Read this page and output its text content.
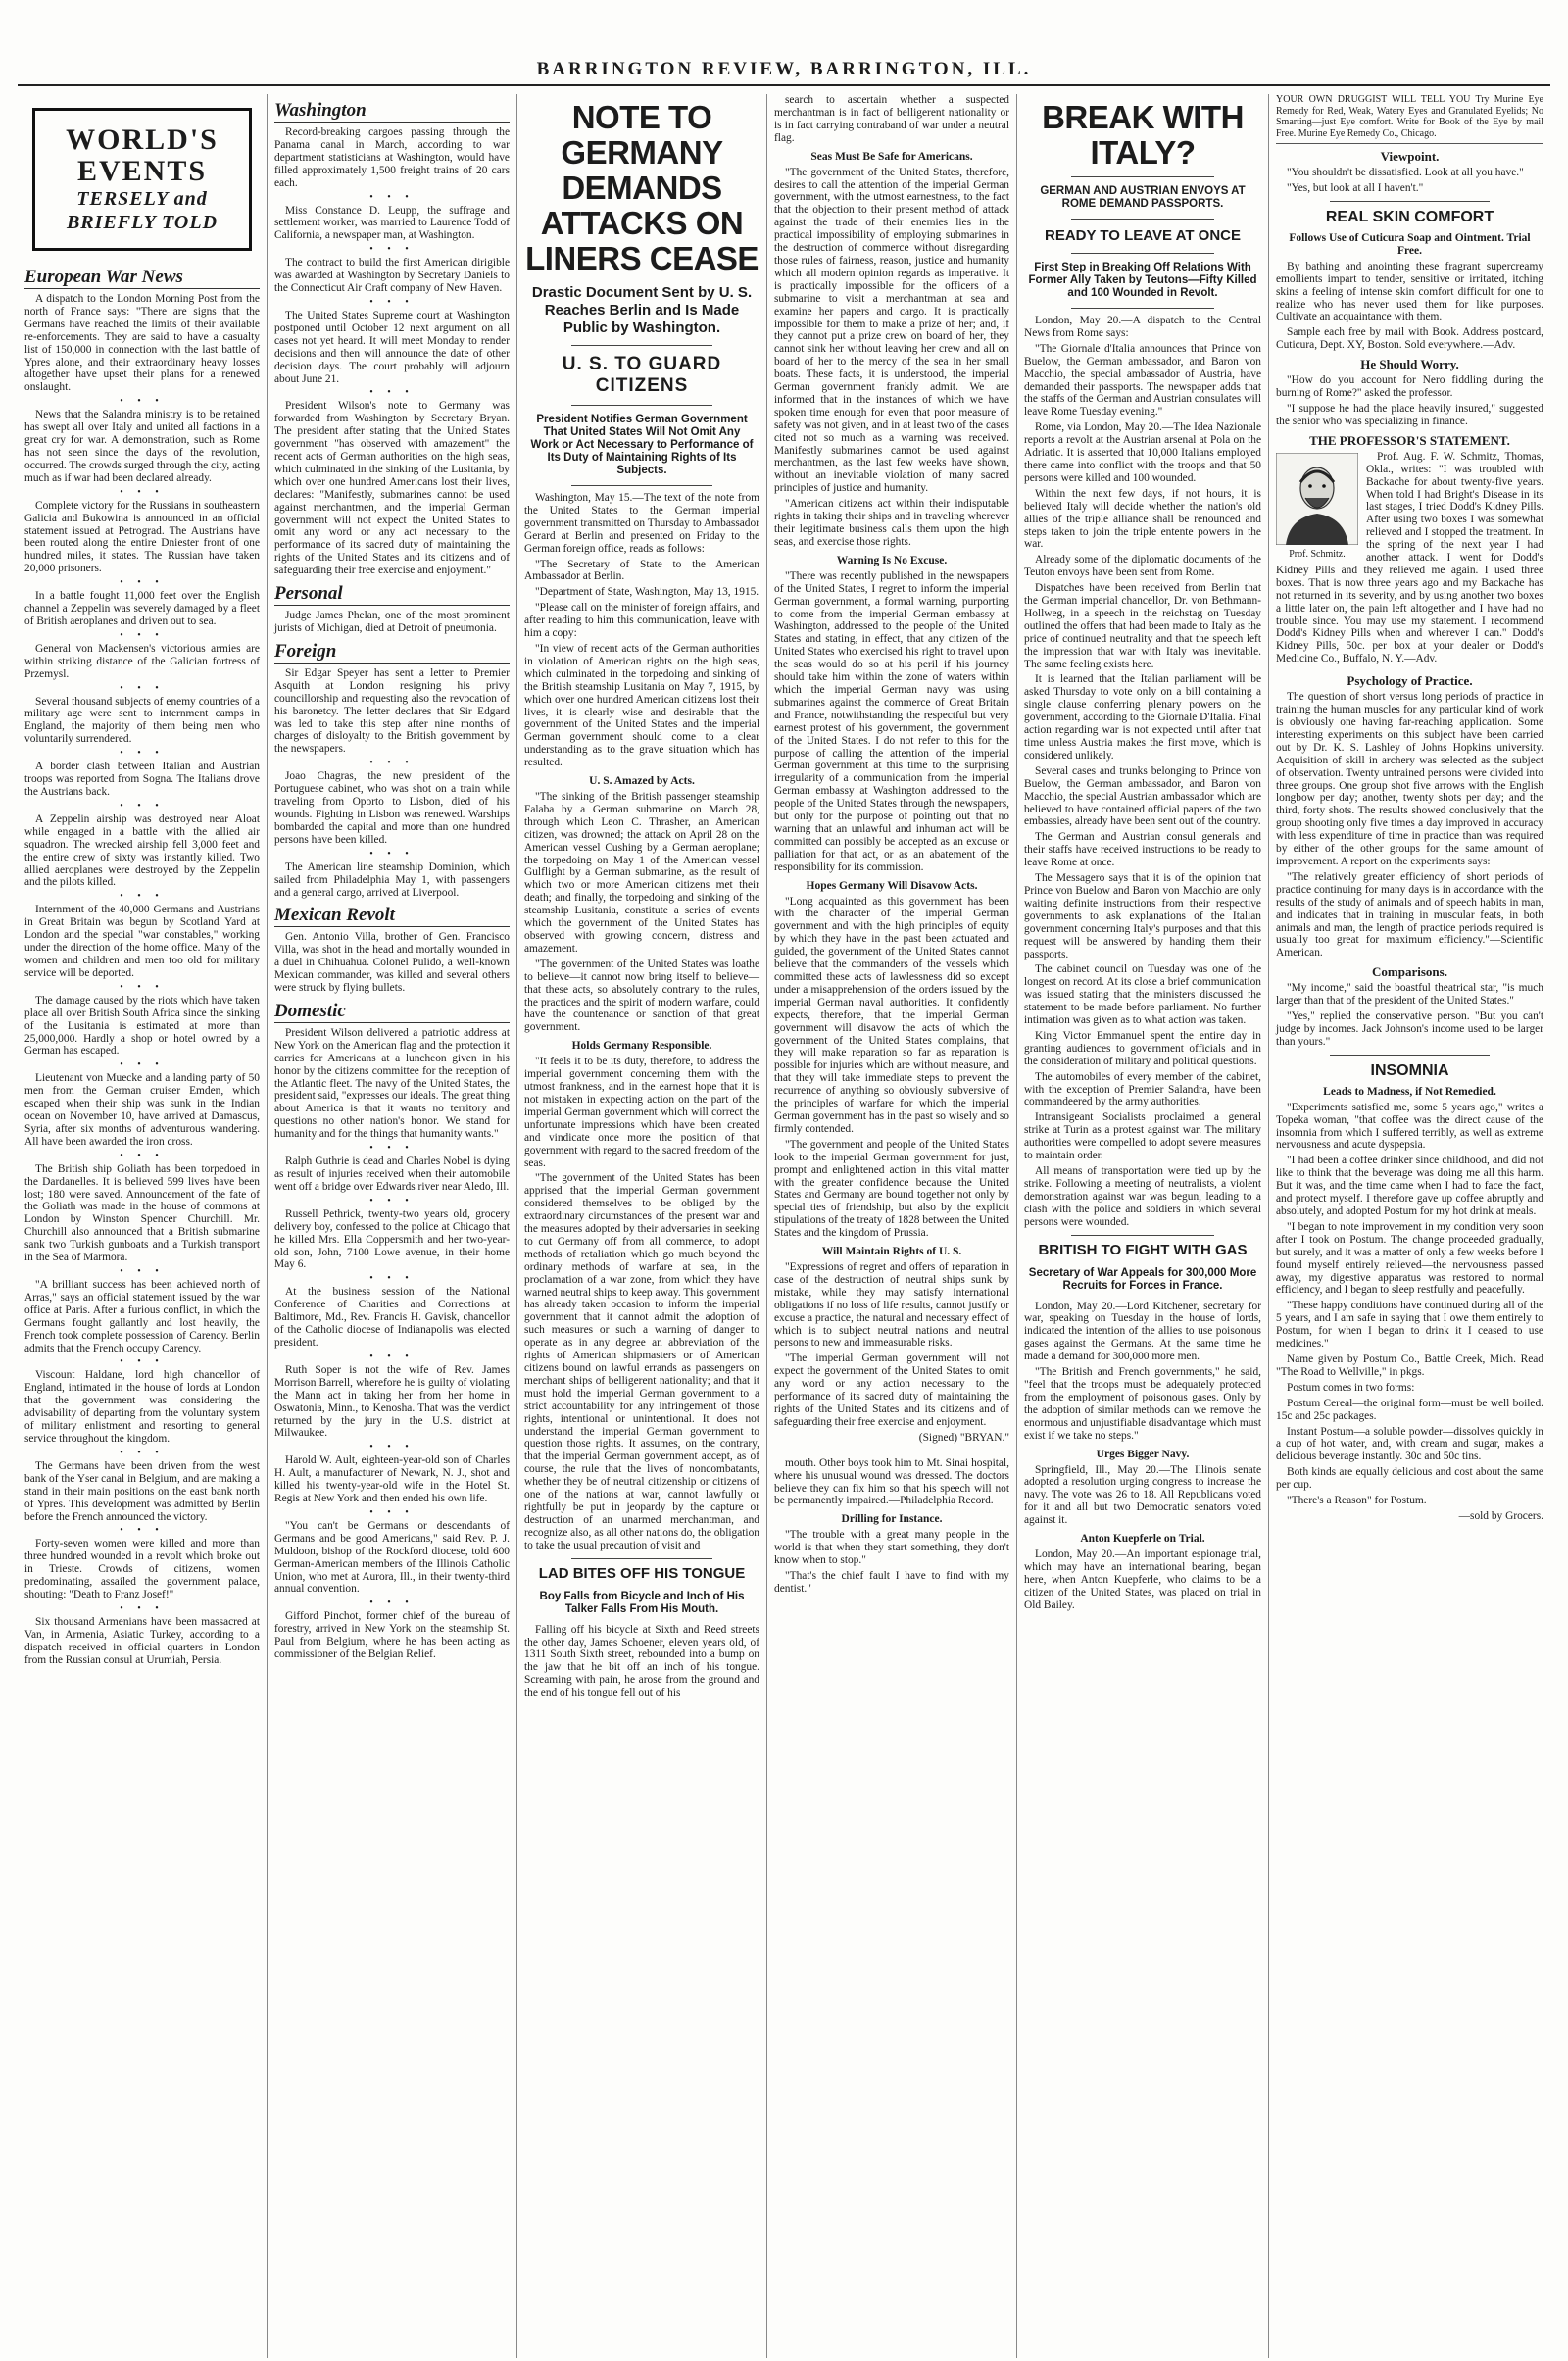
BARRINGTON REVIEW, BARRINGTON, ILL.
WORLD'S
EVENTS
TERSELY and
BRIEFLY TOLD
European War News

A dispatch to the London Morning Post from the north of France says: "There are signs that the Germans have reached the limits of their available re-enforcements. They are said to have a casualty list of 150,000 in connection with the last battle of Ypres alone, and their extraordinary heavy losses altogether have upset their plans for a renewed onslaught.

• • •

News that the Salandra ministry is to be retained has swept all over Italy and united all factions in a great cry for war. A demonstration, such as Rome has not seen since the days of the revolution, occurred. The crowds surged through the city, acting much as if war had been declared already.

• • •

Complete victory for the Russians in southeastern Galicia and Bukowina is announced in an official statement issued at Petrograd. The Austrians have been routed along the entire Dniester front of one hundred miles, it states. The Russian have taken 20,000 prisoners.

• • •

In a battle fought 11,000 feet over the English channel a Zeppelin was severely damaged by a fleet of British aeroplanes and driven out to sea.

• • •

General von Mackensen's victorious armies are within striking distance of the Galician fortress of Przemysl.

• • •

Several thousand subjects of enemy countries of a military age were sent to internment camps in England, the majority of them being men who voluntarily surrendered.

• • •

A border clash between Italian and Austrian troops was reported from Sogna. The Italians drove the Austrians back.

• • •

A Zeppelin airship was destroyed near Aloat while engaged in a battle with the allied air squadron. The wrecked airship fell 3,000 feet and the entire crew of sixty was instantly killed. Two allied aeroplanes were destroyed by the Zeppelin and the pilots killed.

• • •

Internment of the 40,000 Germans and Austrians in Great Britain was begun by Scotland Yard at London and the special "war constables," working under the direction of the home office. Many of the women and children and men too old for military service will be deported.

• • •

The damage caused by the riots which have taken place all over British South Africa since the sinking of the Lusitania is estimated at more than 25,000,000. Hardly a shop or hotel owned by a German has escaped.

• • •

Lieutenant von Muecke and a landing party of 50 men from the German cruiser Emden, which escaped when their ship was sunk in the Indian ocean on November 10, have arrived at Damascus, Syria, after six months of adventurous wandering. All have been awarded the iron cross.

• • •

The British ship Goliath has been torpedoed in the Dardanelles. It is believed 599 lives have been lost; 180 were saved. Announcement of the fate of the Goliath was made in the house of commons at London by Winston Spencer Churchill. Mr. Churchill also announced that a British submarine sank two Turkish gunboats and a Turkish transport in the Sea of Marmora.

• • •

"A brilliant success has been achieved north of Arras," says an official statement issued by the war office at Paris. After a furious conflict, in which the Germans fought gallantly and lost heavily, the French took complete possession of Carency. Berlin admits that the French occupy Carency.

• • •

Viscount Haldane, lord high chancellor of England, intimated in the house of lords at London that the government was considering the advisability of departing from the voluntary system of military enlistment and resorting to general service throughout the kingdom.

• • •

The Germans have been driven from the west bank of the Yser canal in Belgium, and are making a stand in their main positions on the east bank north of Ypres. This development was admitted by Berlin before the French announced the victory.

• • •

Forty-seven women were killed and more than three hundred wounded in a revolt which broke out in Trieste. Crowds of citizens, women predominating, assailed the government palace, shouting: "Death to Franz Josef!"

• • •

Six thousand Armenians have been massacred at Van, in Armenia, Asiatic Turkey, according to a dispatch received in official quarters in London from the Russian consul at Urumiah, Persia.

Washington

Record-breaking cargoes passing through the Panama canal in March, according to war department statisticians at Washington, would have filled approximately 1,500 freight trains of 20 cars each.

• • •

Miss Constance D. Leupp, the suffrage and settlement worker, was married to Laurence Todd of California, a newspaper man, at Washington.

• • •

The contract to build the first American dirigible was awarded at Washington by Secretary Daniels to the Connecticut Air Craft company of New Haven.

• • •

The United States Supreme court at Washington postponed until October 12 next argument on all cases not yet heard. It will meet Monday to render decisions and then will announce the date of other decision days. The court probably will adjourn about June 21.

• • •

President Wilson's note to Germany was forwarded from Washington by Secretary Bryan. The president after stating that the United States government "has observed with amazement" the recent acts of German authorities on the high seas, which culminated in the sinking of the Lusitania, by which over one hundred Americans lost their lives, declares: "Manifestly, submarines cannot be used against merchantmen, and the imperial German government will not expect the United States to omit any word or any act necessary to the performance of its sacred duty of maintaining the rights of the United States and its citizens and of safeguarding their free exercise and enjoyment."

Personal

Judge James Phelan, one of the most prominent jurists of Michigan, died at Detroit of pneumonia.

Foreign

Sir Edgar Speyer has sent a letter to Premier Asquith at London resigning his privy councillorship and requesting also the revocation of his baronetcy. The letter declares that Sir Edgard was led to take this step after nine months of charges of disloyalty to the British government by the newspapers.

• • •

Joao Chagras, the new president of the Portuguese cabinet, who was shot on a train while traveling from Oporto to Lisbon, died of his wounds. Fighting in Lisbon was renewed. Warships bombarded the capital and more than one hundred persons have been killed.

• • •

The American line steamship Dominion, which sailed from Philadelphia May 1, with passengers and a general cargo, arrived at Liverpool.

Mexican Revolt

Gen. Antonio Villa, brother of Gen. Francisco Villa, was shot in the head and mortally wounded in a duel in Chihuahua. Colonel Pulido, a well-known Mexican commander, was killed and several others were struck by flying bullets.

Domestic

President Wilson delivered a patriotic address at New York on the American flag and the protection it carries for Americans at a luncheon given in his honor by the citizens committee for the reception of the Atlantic fleet. The navy of the United States, the president said, "expresses our ideals. The great thing about America is that it wants no territory and questions no other nation's honor. We stand for humanity and for the things that humanity wants."

• • •

Ralph Guthrie is dead and Charles Nobel is dying as result of injuries received when their automobile went off a bridge over Edwards river near Aledo, Ill.

• • •

Russell Pethrick, twenty-two years old, grocery delivery boy, confessed to the police at Chicago that he killed Mrs. Ella Coppersmith and her two-year-old son, John, 7100 Lowe avenue, in their home May 6.

• • •

At the business session of the National Conference of Charities and Corrections at Baltimore, Md., Rev. Francis H. Gavisk, chancellor of the Catholic diocese of Indianapolis was elected president.

• • •

Ruth Soper is not the wife of Rev. James Morrison Barrell, wherefore he is guilty of violating the Mann act in taking her from her home in Oswatonia, Minn., to Kenosha. That was the verdict returned by the jury in the U.S. district at Milwaukee.

• • •

Harold W. Ault, eighteen-year-old son of Charles H. Ault, a manufacturer of Newark, N. J., shot and killed his twenty-year-old wife in the Hotel St. Regis at New York and then ended his own life.

• • •

"You can't be Germans or descendants of Germans and be good Americans," said Rev. P. J. Muldoon, bishop of the Rockford diocese, told 600 German-American members of the Illinois Catholic Union, who met at Aurora, Ill., in their twenty-third annual convention.

• • •

Gifford Pinchot, former chief of the bureau of forestry, arrived in New York on the steamship St. Paul from Belgium, where he has been acting as commissioner of the Belgian Relief.

NOTE TO GERMANY DEMANDS ATTACKS ON LINERS CEASE
Drastic Document Sent by U. S. Reaches Berlin and Is Made Public by Washington.
U. S. TO GUARD CITIZENS
President Notifies German Government That United States Will Not Omit Any Work or Act Necessary to Performance of Its Duty of Maintaining Rights of Its Subjects.

Washington, May 15.—The text of the note from the United States to the German imperial government transmitted on Thursday to Ambassador Gerard at Berlin and presented on Friday to the German foreign office, reads as follows:

"The Secretary of State to the American Ambassador at Berlin.

"Department of State, Washington, May 13, 1915.

"Please call on the minister of foreign affairs, and after reading to him this communication, leave with him a copy:

"In view of recent acts of the German authorities in violation of American rights on the high seas, which culminated in the torpedoing and sinking of the British steamship Lusitania on May 7, 1915, by which over one hundred American citizens lost their lives, it is clearly wise and desirable that the government of the United States and the imperial German government should come to a clear understanding as to the grave situation which has resulted.

U. S. Amazed by Acts.

"The sinking of the British passenger steamship Falaba by a German submarine on March 28, through which Leon C. Thrasher, an American citizen, was drowned; the attack on April 28 on the American vessel Cushing by a German aeroplane; the torpedoing on May 1 of the American vessel Gulflight by a German submarine, as the result of which two or more American citizens met their death; and finally, the torpedoing and sinking of the steamship Lusitania, constitute a series of events which the government of the United States has observed with growing concern, distress and amazement.

"The government of the United States was loathe to believe—it cannot now bring itself to believe—that these acts, so absolutely contrary to the rules, the practices and the spirit of modern warfare, could have the countenance or sanction of that great government.

Holds Germany Responsible.

"It feels it to be its duty, therefore, to address the imperial government concerning them with the utmost frankness, and in the earnest hope that it is not mistaken in expecting action on the part of the imperial German government which will correct the unfortunate impressions which have been created and vindicate once more the position of that government with regard to the sacred freedom of the seas.

"The government of the United States has been apprised that the imperial German government considered themselves to be obliged by the extraordinary circumstances of the present war and the measures adopted by their adversaries in seeking to cut Germany off from all commerce, to adopt methods of retaliation which go much beyond the ordinary methods of warfare at sea, in the proclamation of a war zone, from which they have warned neutral ships to keep away. This government has already taken occasion to inform the imperial government that it cannot admit the adoption of such measures or such a warning of danger to operate as in any degree an abbreviation of the rights of American shipmasters or of American citizens bound on lawful errands as passengers on merchant ships of belligerent nationality; and that it must hold the imperial German government to a strict accountability for any infringement of those rights, intentional or unintentional. It does not understand the imperial German government to question those rights. It assumes, on the contrary, that the imperial German government accept, as of course, the rule that the lives of noncombatants, whether they be of neutral citizenship or citizens of one of the nations at war, cannot lawfully or rightfully be put in jeopardy by the capture or destruction of an unarmed merchantman, and recognize also, as all other nations do, the obligation to take the usual precaution of visit and

LAD BITES OFF HIS TONGUE
Boy Falls from Bicycle and Inch of His Talker Falls From His Mouth.

Falling off his bicycle at Sixth and Reed streets the other day, James Schoener, eleven years old, of 1311 South Sixth street, rebounded into a bump on the jaw that he bit off an inch of his tongue. Screaming with pain, he arose from the ground and the end of his tongue fell out of his

search to ascertain whether a suspected merchantman is in fact of belligerent nationality or is in fact carrying contraband of war under a neutral flag.

Seas Must Be Safe for Americans.

"The government of the United States, therefore, desires to call the attention of the imperial German government, with the utmost earnestness, to the fact that the objection to their present method of attack against the trade of their enemies lies in the practical impossibility of employing submarines in the destruction of commerce without disregarding those rules of fairness, reason, justice and humanity which all modern opinion regards as imperative. It is practically impossible for the officers of a submarine to visit a merchantman at sea and examine her papers and cargo. It is practically impossible for them to make a prize of her; and, if they cannot put a prize crew on board of her, they cannot sink her without leaving her crew and all on board of her to the mercy of the sea in her small boats. These facts, it is understood, the imperial German government frankly admit. We are informed that in the instances of which we have spoken time enough for even that poor measure of safety was not given, and in at least two of the cases cited not so much as a warning was received. Manifestly submarines cannot be used against merchantmen, as the last few weeks have shown, without an inevitable violation of many sacred principles of justice and humanity.

"American citizens act within their indisputable rights in taking their ships and in traveling wherever their legitimate business calls them upon the high seas, and exercise those rights.

Warning Is No Excuse.

"There was recently published in the newspapers of the United States, I regret to inform the imperial German government, a formal warning, purporting to come from the imperial German embassy at Washington, addressed to the people of the United States and stating, in effect, that any citizen of the United States who exercised his right to travel upon the seas would do so at his peril if his journey should take him within the zone of waters within which the imperial German navy was using submarines against the commerce of Great Britain and France, notwithstanding the respectful but very earnest protest of his government, the government of the United States. I do not refer to this for the purpose of calling the attention of the imperial German government at this time to the surprising irregularity of a communication from the imperial German embassy at Washington addressed to the people of the United States through the newspapers, but only for the purpose of pointing out that no warning that an unlawful and inhuman act will be committed can possibly be accepted as an excuse or palliation for that act, or as an abatement of the responsibility for its commission.

Hopes Germany Will Disavow Acts.

"Long acquainted as this government has been with the character of the imperial German government and with the high principles of equity by which they have in the past been actuated and guided, the government of the United States cannot believe that the commanders of the vessels which committed these acts of lawlessness did so except under a misapprehension of the orders issued by the imperial German naval authorities. It confidently expects, therefore, that the imperial German government will disavow the acts of which the government of the United States complains, that they will make reparation so far as reparation is possible for injuries which are without measure, and that they will take immediate steps to prevent the recurrence of anything so obviously subversive of the principles of warfare for which the imperial German government has in the past so wisely and so firmly contended.

"The government and people of the United States look to the imperial German government for just, prompt and enlightened action in this vital matter with the greater confidence because the United States and Germany are bound together not only by special ties of friendship, but also by the explicit stipulations of the treaty of 1828 between the United States and the kingdom of Prussia.

Will Maintain Rights of U. S.

"Expressions of regret and offers of reparation in case of the destruction of neutral ships sunk by mistake, while they may satisfy international obligations if no loss of life results, cannot justify or excuse a practice, the natural and necessary effect of which is to subject neutral nations and neutral persons to new and immeasurable risks.

"The imperial German government will not expect the government of the United States to omit any word or any action necessary to the performance of its sacred duty of maintaining the rights of the United States and its citizens and of safeguarding their free exercise and enjoyment.

(Signed) "BRYAN."

mouth. Other boys took him to Mt. Sinai hospital, where his unusual wound was dressed. The doctors believe they can fix him so that his speech will not be permanently impaired.—Philadelphia Record.

Drilling for Instance.

"The trouble with a great many people in the world is that when they start something, they don't know when to stop."

"That's the chief fault I have to find with my dentist."

BREAK WITH ITALY?
GERMAN AND AUSTRIAN ENVOYS AT ROME DEMAND PASSPORTS.
READY TO LEAVE AT ONCE
First Step in Breaking Off Relations With Former Ally Taken by Teutons—Fifty Killed and 100 Wounded in Revolt.

London, May 20.—A dispatch to the Central News from Rome says:

"The Giornale d'Italia announces that Prince von Buelow, the German ambassador, and Baron von Macchio, the special ambassador of Austria, have demanded their passports. The newspaper adds that the staffs of the German and Austrian consulates will leave Rome Tuesday evening."

Rome, via London, May 20.—The Idea Nazionale reports a revolt at the Austrian arsenal at Pola on the Adriatic. It is asserted that 10,000 Italians employed there came into conflict with the troops and that 50 persons were killed and 100 wounded.

Within the next few days, if not hours, it is believed Italy will decide whether the nation's old allies of the triple alliance shall be renounced and steps taken to join the triple entente powers in the war.

Already some of the diplomatic documents of the Teuton envoys have been sent from Rome.

Dispatches have been received from Berlin that the German imperial chancellor, Dr. von Bethmann-Hollweg, in a speech in the reichstag on Tuesday outlined the offers that had been made to Italy as the price of continued neutrality and that the speech left the impression that war with Italy was inevitable. The same feeling exists here.

It is learned that the Italian parliament will be asked Thursday to vote only on a bill containing a single clause conferring plenary powers on the government, according to the Giornale D'Italia. Final action regarding war is not expected until after that time unless Austria makes the first move, which is considered unlikely.

Several cases and trunks belonging to Prince von Buelow, the German ambassador, and Baron von Macchio, the special Austrian ambassador which are believed to have contained official papers of the two embassies, already have been sent out of the country.

The German and Austrian consul generals and their staffs have received instructions to be ready to leave Rome at once.

The Messagero says that it is of the opinion that Prince von Buelow and Baron von Macchio are only waiting definite instructions from their respective governments to ask explanations of the Italian government concerning Italy's purposes and that this request will be answered by handing them their passports.

The cabinet council on Tuesday was one of the longest on record. At its close a brief communication was issued stating that the ministers discussed the statement to be made before parliament. No further intimation was given as to what action was taken.

King Victor Emmanuel spent the entire day in granting audiences to government officials and in the consideration of military and political questions.

The automobiles of every member of the cabinet, with the exception of Premier Salandra, have been commandeered by the army authorities.

Intransigeant Socialists proclaimed a general strike at Turin as a protest against war. The military authorities were compelled to adopt severe measures to maintain order.

All means of transportation were tied up by the strike. Following a meeting of neutralists, a violent demonstration against war was begun, leading to a clash with the police and soldiers in which several persons were wounded.

BRITISH TO FIGHT WITH GAS
Secretary of War Appeals for 300,000 More Recruits for Forces in France.

London, May 20.—Lord Kitchener, secretary for war, speaking on Tuesday in the house of lords, indicated the intention of the allies to use poisonous gases against the Germans. At the same time he made a demand for 300,000 more men.

"The British and French governments," he said, "feel that the troops must be adequately protected from the employment of poisonous gases. Only by the adoption of similar methods can we remove the enormous and unjustifiable disadvantage which must exist if we take no steps."

Urges Bigger Navy.

Springfield, Ill., May 20.—The Illinois senate adopted a resolution urging congress to increase the navy. The vote was 26 to 18. All Republicans voted for it and all but two Democratic senators voted against it.

Anton Kuepferle on Trial.

London, May 20.—An important espionage trial, which may have an international bearing, began here, when Anton Kuepferle, who claims to be a citizen of the United States, was placed on trial in Old Bailey.

YOUR OWN DRUGGIST WILL TELL YOU Try Murine Eye Remedy for Red, Weak, Watery Eyes and Granulated Eyelids; No Smarting—just Eye comfort. Write for Book of the Eye by mail Free. Murine Eye Remedy Co., Chicago.

Viewpoint.

"You shouldn't be dissatisfied. Look at all you have."

"Yes, but look at all I haven't."

REAL SKIN COMFORT
Follows Use of Cuticura Soap and Ointment. Trial Free.

By bathing and anointing these fragrant supercreamy emollients impart to tender, sensitive or irritated, itching skins a feeling of intense skin comfort difficult for one to realize who has never used them for like purposes. Cultivate an acquaintance with them.

Sample each free by mail with Book. Address postcard, Cuticura, Dept. XY, Boston. Sold everywhere.—Adv.

He Should Worry.

"How do you account for Nero fiddling during the burning of Rome?" asked the professor.

"I suppose he had the place heavily insured," suggested the senior who was specializing in finance.

THE PROFESSOR'S STATEMENT.
Prof. Schmitz.

Prof. Aug. F. W. Schmitz, Thomas, Okla., writes: "I was troubled with Backache for about twenty-five years. When told I had Bright's Disease in its last stages, I tried Dodd's Kidney Pills. After using two boxes I was somewhat relieved and I stopped the treatment. In the spring of the next year I had another attack. I went for Dodd's Kidney Pills and they relieved me again. I used three boxes. That is now three years ago and my Backache has not returned in its severity, and by using another two boxes a little later on, the pain left altogether and I have had no trouble since. You may use my statement. I recommend Dodd's Kidney Pills when and wherever I can." Dodd's Kidney Pills, 50c. per box at your dealer or Dodd's Medicine Co., Buffalo, N. Y.—Adv.

Psychology of Practice.

The question of short versus long periods of practice in training the human muscles for any particular kind of work is obviously one having far-reaching application. Some interesting experiments on this subject have been carried out by Dr. K. S. Lashley of Johns Hopkins university. Acquisition of skill in archery was selected as the subject of observation. Twenty untrained persons were divided into three groups. One group shot five arrows with the English longbow per day; another, twenty shots per day; and the third, forty shots. The results showed conclusively that the group shooting only five times a day improved in accuracy with less expenditure of time in practice than was required by either of the other groups for the same amount of improvement. A report on the experiments says:

"The relatively greater efficiency of short periods of practice continuing for many days is in accordance with the results of the study of animals and of speech habits in man, and indicates that in training in muscular feats, in both animals and man, the length of practice periods required is usually too great for maximum efficiency."—Scientific American.

Comparisons.

"My income," said the boastful theatrical star, "is much larger than that of the president of the United States."

"Yes," replied the conservative person. "But you can't judge by incomes. Jack Johnson's income used to be larger than yours."

INSOMNIA
Leads to Madness, if Not Remedied.

"Experiments satisfied me, some 5 years ago," writes a Topeka woman, "that coffee was the direct cause of the insomnia from which I suffered terribly, as well as extreme nervousness and acute dyspepsia.

"I had been a coffee drinker since childhood, and did not like to think that the beverage was doing me all this harm. But it was, and the time came when I had to face the fact, and protect myself. I therefore gave up coffee abruptly and absolutely, and adopted Postum for my hot drink at meals.

"I began to note improvement in my condition very soon after I took on Postum. The change proceeded gradually, but surely, and it was a matter of only a few weeks before I found myself entirely relieved—the nervousness passed away, my digestive apparatus was restored to normal efficiency, and I began to sleep restfully and peacefully.

"These happy conditions have continued during all of the 5 years, and I am safe in saying that I owe them entirely to Postum, for when I began to drink it I ceased to use medicines."

Name given by Postum Co., Battle Creek, Mich. Read "The Road to Wellville," in pkgs.

Postum comes in two forms:

Postum Cereal—the original form—must be well boiled. 15c and 25c packages.

Instant Postum—a soluble powder—dissolves quickly in a cup of hot water, and, with cream and sugar, makes a delicious beverage instantly. 30c and 50c tins.

Both kinds are equally delicious and cost about the same per cup.

"There's a Reason" for Postum.

—sold by Grocers.
